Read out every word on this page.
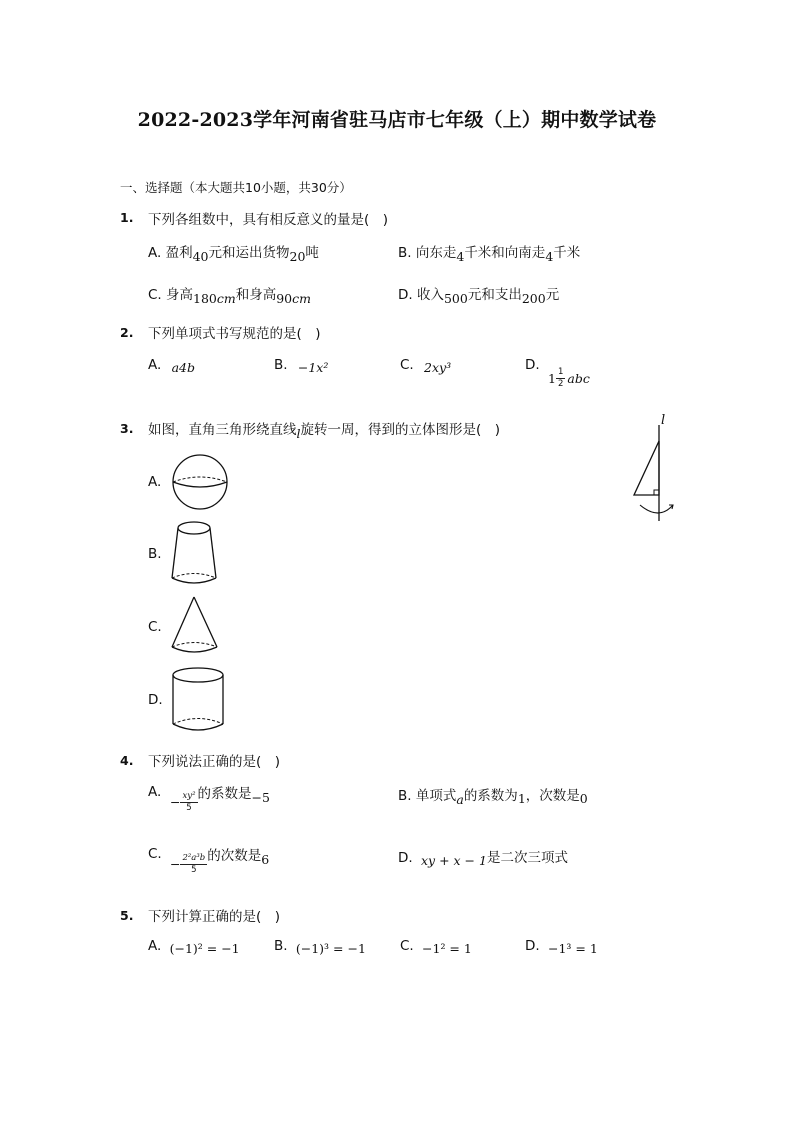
2022-2023学年河南省驻马店市七年级（上）期中数学试卷
一、选择题（本大题共10小题，共30分）
1. 下列各组数中，具有相反意义的量是(　)
A. 盈利40元和运出货物20吨	B. 向东走4千米和向南走4千米
C. 身高180cm和身高90cm	D. 收入500元和支出200元
2. 下列单项式书写规范的是(　)
A. a4b	B. −1x²	C. 2xy³	D.
$1 \frac{1}{2}$ abc
3. 如图，直角三角形绕直线l旋转一周，得到的立体图形是(　)
l
A.
B.
C.
D.
4. 下列说法正确的是(　)
A.
− $\frac{\text{xy²}}{5}$ 的系数是−5	B. 单项式a的系数为1，次数是0
C.
− $\frac{\text{2²a³b}}{5}$ 的次数是6	D. xy + x − 1是二次三项式
5. 下列计算正确的是(　)
A. (−1)² = −1	B. (−1)³ = −1	C. −1² = 1	D. −1³ = 1
